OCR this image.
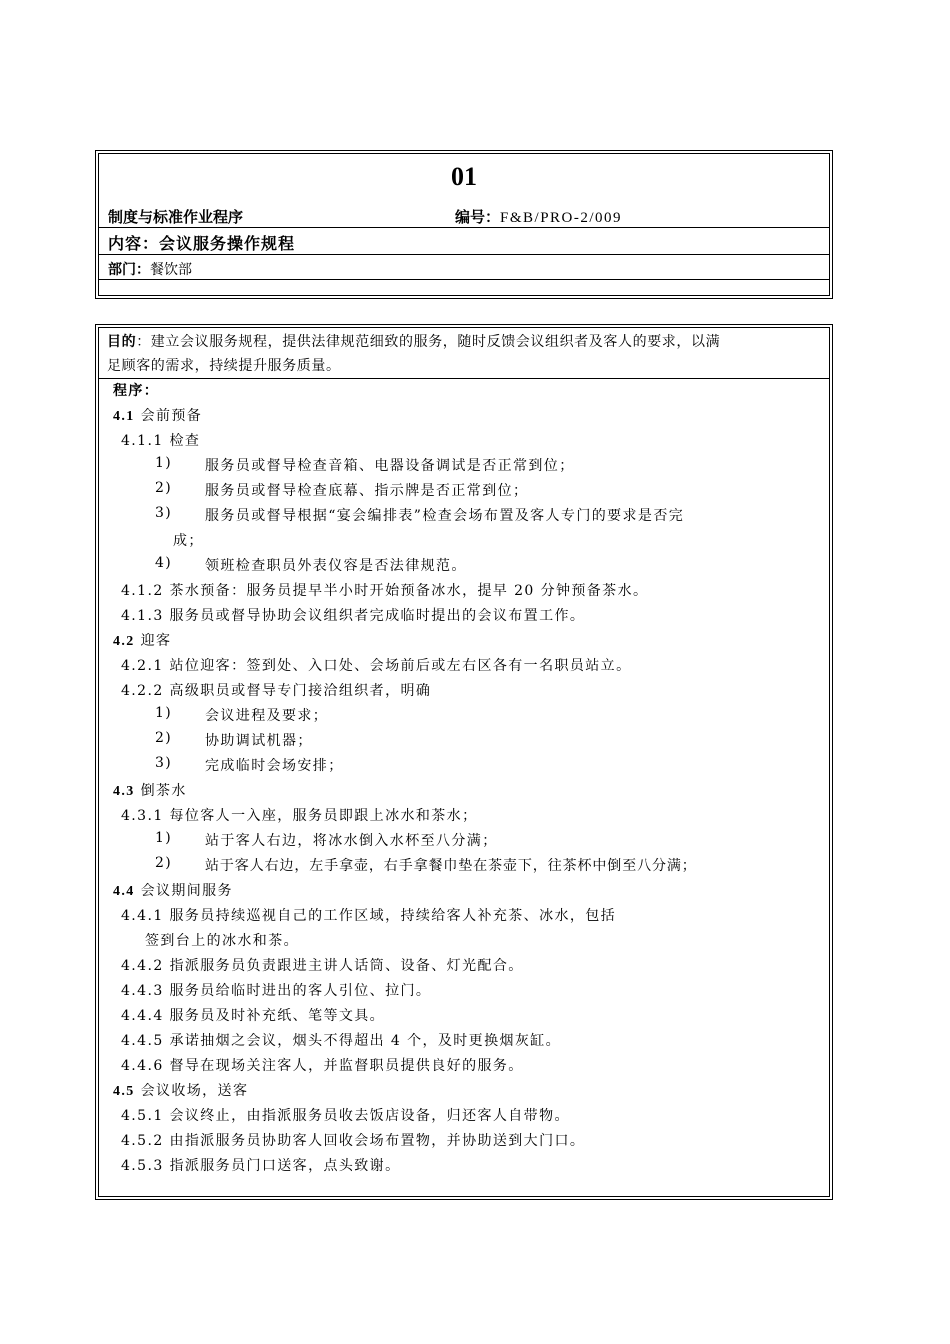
01
制度与标准作业程序	编号：F&B/PRO-2/009
内容：会议服务操作规程
部门：餐饮部
目的：建立会议服务规程，提供法律规范细致的服务，随时反馈会议组织者及客人的要求，以满
足顾客的需求，持续提升服务质量。
程序：
4.1 会前预备
4.1.1 检查
1) 服务员或督导检查音箱、电器设备调试是否正常到位；
2) 服务员或督导检查底幕、指示牌是否正常到位；
3) 服务员或督导根据“宴会编排表”检查会场布置及客人专门的要求是否完
成；
4) 领班检查职员外表仪容是否法律规范。
4.1.2 茶水预备：服务员提早半小时开始预备冰水，提早 20 分钟预备茶水。
4.1.3 服务员或督导协助会议组织者完成临时提出的会议布置工作。
4.2 迎客
4.2.1 站位迎客：签到处、入口处、会场前后或左右区各有一名职员站立。
4.2.2 高级职员或督导专门接洽组织者，明确
1) 会议进程及要求；
2) 协助调试机器；
3) 完成临时会场安排；
4.3 倒茶水
4.3.1 每位客人一入座，服务员即跟上冰水和茶水；
1) 站于客人右边，将冰水倒入水杯至八分满；
2) 站于客人右边，左手拿壶，右手拿餐巾垫在茶壶下，往茶杯中倒至八分满；
4.4 会议期间服务
4.4.1 服务员持续巡视自己的工作区域，持续给客人补充茶、冰水，包括
签到台上的冰水和茶。
4.4.2 指派服务员负责跟进主讲人话筒、设备、灯光配合。
4.4.3 服务员给临时进出的客人引位、拉门。
4.4.4 服务员及时补充纸、笔等文具。
4.4.5 承诺抽烟之会议，烟头不得超出 4 个，及时更换烟灰缸。
4.4.6 督导在现场关注客人，并监督职员提供良好的服务。
4.5 会议收场，送客
4.5.1 会议终止，由指派服务员收去饭店设备，归还客人自带物。
4.5.2 由指派服务员协助客人回收会场布置物，并协助送到大门口。
4.5.3 指派服务员门口送客，点头致谢。
